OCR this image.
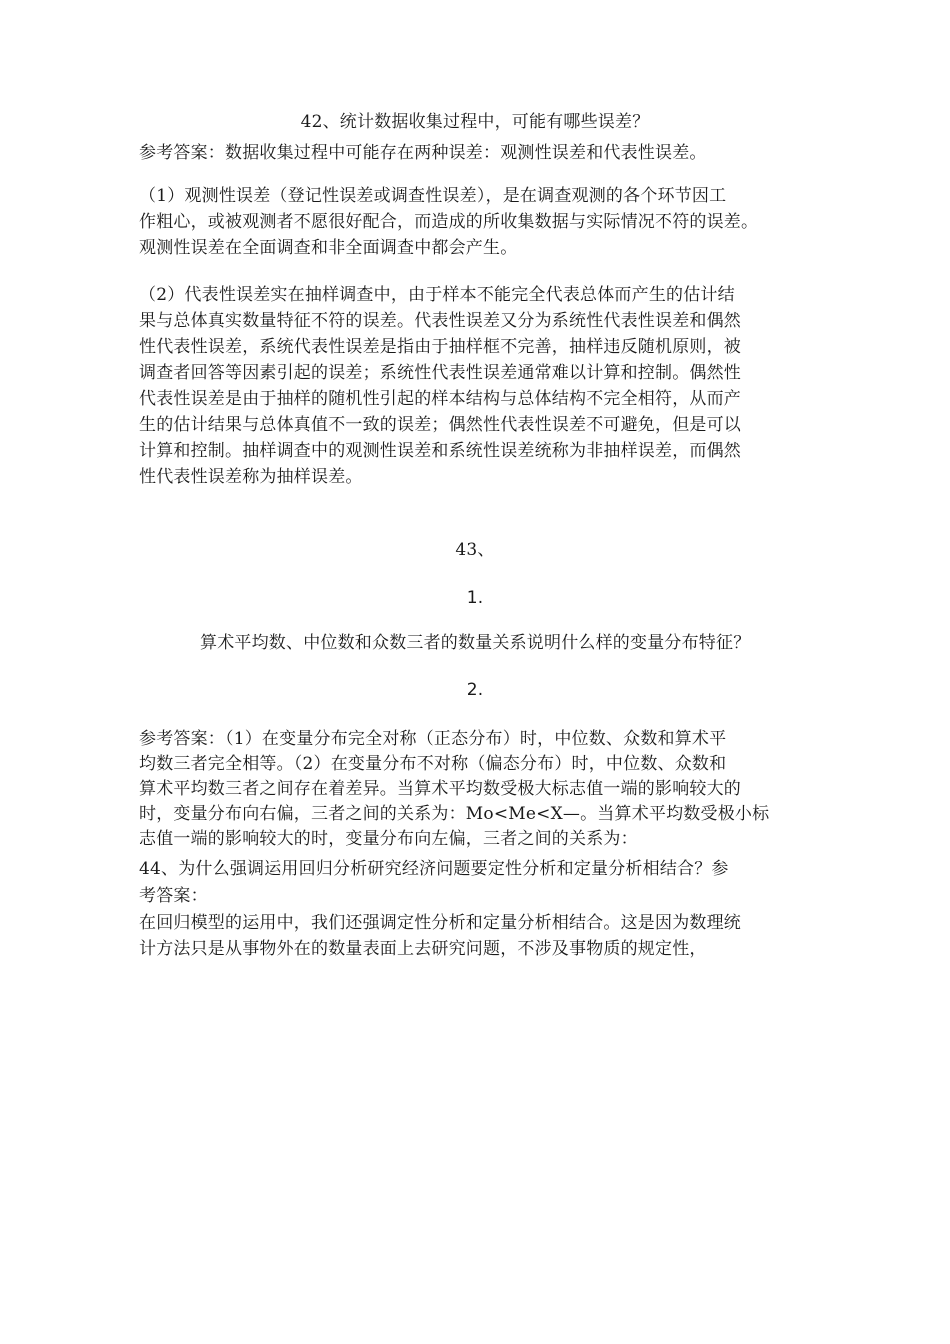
42、统计数据收集过程中，可能有哪些误差？
参考答案：数据收集过程中可能存在两种误差：观测性误差和代表性误差。
（1）观测性误差（登记性误差或调查性误差），是在调查观测的各个环节因工
作粗心，或被观测者不愿很好配合，而造成的所收集数据与实际情况不符的误差。
观测性误差在全面调查和非全面调查中都会产生。
（2）代表性误差实在抽样调查中，由于样本不能完全代表总体而产生的估计结
果与总体真实数量特征不符的误差。代表性误差又分为系统性代表性误差和偶然
性代表性误差，系统代表性误差是指由于抽样框不完善，抽样违反随机原则，被
调查者回答等因素引起的误差；系统性代表性误差通常难以计算和控制。偶然性
代表性误差是由于抽样的随机性引起的样本结构与总体结构不完全相符，从而产
生的估计结果与总体真值不一致的误差；偶然性代表性误差不可避免，但是可以
计算和控制。抽样调查中的观测性误差和系统性误差统称为非抽样误差，而偶然
性代表性误差称为抽样误差。
43、
1.
算术平均数、中位数和众数三者的数量关系说明什么样的变量分布特征？
2.
参考答案：（1）在变量分布完全对称（正态分布）时，中位数、众数和算术平
均数三者完全相等。（2）在变量分布不对称（偏态分布）时，中位数、众数和
算术平均数三者之间存在着差异。当算术平均数受极大标志值一端的影响较大的
时，变量分布向右偏，三者之间的关系为：Mo<Me<X—。当算术平均数受极小标
志值一端的影响较大的时，变量分布向左偏，三者之间的关系为：
44、为什么强调运用回归分析研究经济问题要定性分析和定量分析相结合？参
考答案：
在回归模型的运用中，我们还强调定性分析和定量分析相结合。这是因为数理统
计方法只是从事物外在的数量表面上去研究问题，不涉及事物质的规定性，
